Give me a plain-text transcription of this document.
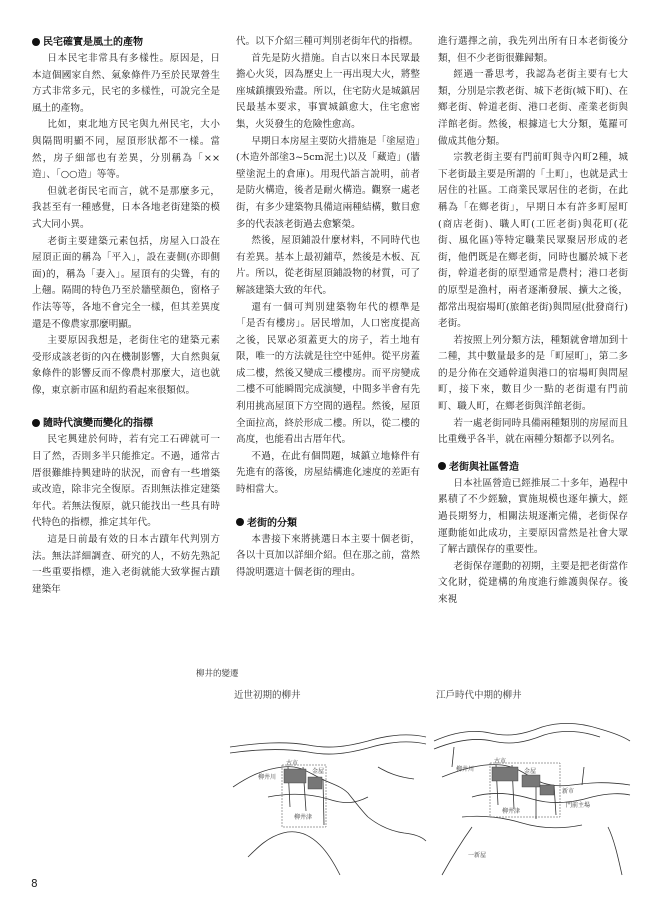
民宅確實是風土的產物

日本民宅非常具有多樣性。原因是，日本這個國家自然、氣象條件乃至於民眾營生方式非常多元，民宅的多樣性，可說完全是風土的產物。

比如，東北地方民宅與九州民宅，大小與隔間明顯不同，屋頂形狀都不一樣。當然，房子細部也有差異，分別稱為「××造」、「○○造」等等。

但就老街民宅而言，就不是那麼多元，我甚至有一種感覺，日本各地老街建築的模式大同小異。

老街主要建築元素包括，房屋入口設在屋頂正面的稱為「平入」，設在妻側(亦即側面)的，稱為「妻入」。屋頂有的尖聳，有的上翹。隔間的特色乃至於牆壁顏色，窗格子作法等等，各地不會完全一樣，但其差異度還是不像農家那麼明顯。

主要原因我想是，老街住宅的建築元素受形成該老街的內在機制影響，大自然與氣象條件的影響反而不像農村那麼大，這也就像，東京新市區和紐約看起來很類似。

隨時代演變而變化的指標

民宅興建於何時，若有完工石碑就可一目了然，否則多半只能推定。不過，通常古厝很難維持興建時的狀況，而會有一些增築或改造，除非完全復原。否則無法推定建築年代。若無法復原，就只能找出一些具有時代特色的指標，推定其年代。

這是日前最有效的日本古蹟年代判別方法。無法詳細調查、研究的人，不妨先熟記一些重要指標，進入老街就能大致掌握古蹟建築年

代。以下介紹三種可判別老街年代的指標。

首先是防火措施。自古以來日本民眾最擔心火災，因為歷史上一再出現大火，將整座城鎮攘毀殆盡。所以，住宅防火是城鎮居民最基本要求，事實城鎮愈大，住宅愈密集，火災發生的危險性愈高。

早期日本房屋主要防火措施是「塗屋造」(木造外部塗3~5cm泥土)以及「藏造」(牆壁塗泥土的倉庫)。用現代語言說明，前者是防火構造，後者是耐火構造。觀察一處老街，有多少建築物具備這兩種結構，數目愈多的代表該老街過去愈繁榮。

然後，屋頂鋪設什麼材料，不同時代也有差異。基本上最初鋪草，然後是木板、瓦片。所以，從老街屋頂鋪設物的材質，可了解該建築大致的年代。

還有一個可判別建築物年代的標準是「是否有樓房」。居民增加，人口密度提高之後，民眾必須蓋更大的房子，若土地有限，唯一的方法就是往空中延伸。從平房蓋成二樓，然後又變成三樓樓房。而平房變成二樓不可能瞬間完成演變，中間多半會有先利用挑高屋頂下方空間的過程。然後，屋頂全面拉高，終於形成二樓。所以，從二樓的高度，也能看出古厝年代。

不過，在此有個問題，城鎮立地條件有先進有的落後，房屋結構進化速度的差距有時相當大。

老街的分類

本書接下來將挑選日本主要十個老街，各以十頁加以詳細介紹。但在那之前，當然得說明選這十個老街的理由。

進行選擇之前，我先列出所有日本老街後分類，但不少老街很難歸類。

經過一番思考，我認為老街主要有七大類，分別是宗教老街、城下老街(城下町)、在鄉老街、幹道老街、港口老街、產業老街與洋館老街。然後，根據這七大分類，蒐羅可做成其他分類。

宗教老街主要有門前町與寺內町2種，城下老街最主要是所謂的「土町」，也就是武士居住的社區。工商業民眾居住的老街，在此稱為「在鄉老街」，早期日本有許多町屋町(商店老街)、職人町(工匠老街)與花町(花街、風化區)等特定職業民眾聚居形成的老街，他們既是在鄉老街，同時也屬於城下老街，幹道老街的原型通常是農村；港口老街的原型是漁村，兩者逐漸發展、擴大之後，都常出現宿場町(旅館老街)與問屋(批發商行)老街。

若按照上列分類方法，種類就會增加到十二種，其中數量最多的是「町屋町」，第二多的是分佈在交通幹道與港口的宿場町與問屋町，接下來，數目少一點的老街還有門前町、職人町，在鄉老街與洋館老街。

若一處老街同時具備兩種類別的房屋而且比重幾乎各半，就在兩種分類都予以列名。

老街與社區營造

日本社區營造已經推展二十多年，過程中累積了不少經驗，實施規模也逐年擴大，經過長期努力，相關法規逐漸完備，老街保存運動能如此成功，主要原因當然是社會大眾了解古蹟保存的重要性。

老街保存運動的初期，主要是把老街當作文化財，從建構的角度進行維護與保存。後來視

柳井的變遷
近世初期的柳井	江戶時代中期的柳井
柳井川
古市
金屋
柳井津
柳井川
古市
金屋
柳井津
新市
一新屋
門前主場
8
